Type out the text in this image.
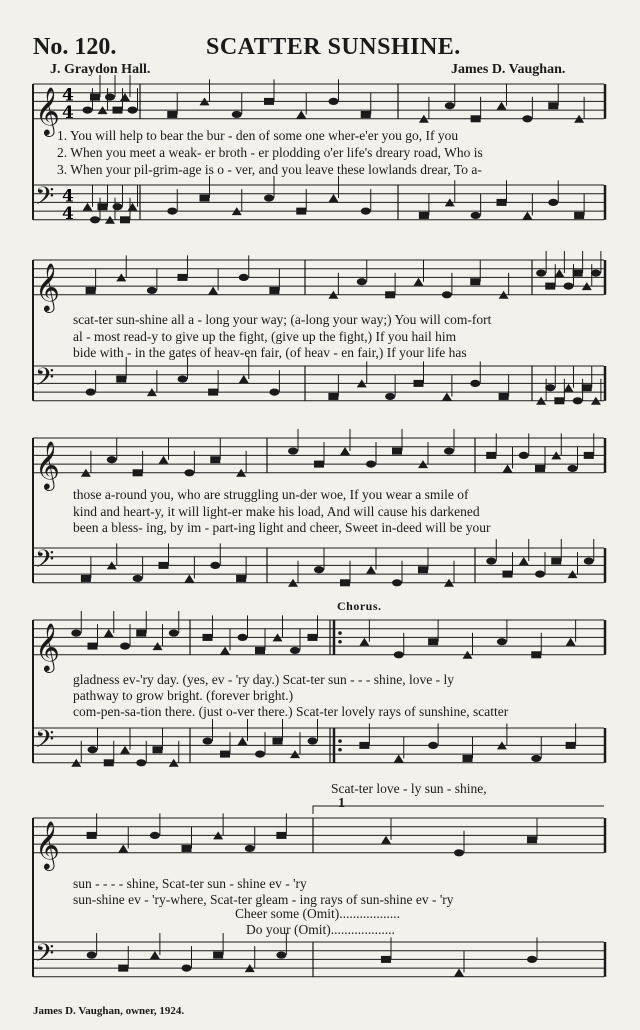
No. 120.	SCATTER SUNSHINE.
J. Graydon Hall.	James D. Vaughan.
𝄞
𝄢
𝄞
𝄢
𝄞
𝄢
𝄞
𝄢
𝄞
𝄢
4
4
4
4
1. You will help to bear the bur - den of some one wher-e'er you go, If you
2. When you meet a weak- er broth - er plodding o'er life's dreary road, Who is
3. When your pil-grim-age is o - ver, and you leave these lowlands drear, To a-
scat-ter sun-shine all a - long your way; (a-long your way;) You will com-fort
al - most read-y to give up the fight, (give up the fight,) If you hail him
bide with - in the gates of heav-en fair, (of heav - en fair,) If your life has
those a-round you, who are struggling un-der woe, If you wear a smile of
kind and heart-y, it will light-er make his load, And will cause his darkened
been a bless- ing, by im - part-ing light and cheer, Sweet in-deed will be your
Chorus.
gladness ev-'ry day. (yes, ev - 'ry day.) Scat-ter sun - - - shine, love - ly
pathway to grow bright. (forever bright.)
com-pen-sa-tion there. (just o-ver there.) Scat-ter lovely rays of sunshine, scatter
Scat-ter love - ly sun - shine,
1
sun - - - - shine, Scat-ter sun - shine ev - 'ry
sun-shine ev - 'ry-where, Scat-ter gleam - ing rays of sun-shine ev - 'ry
Cheer some (Omit)..................
Do your (Omit)...................
James D. Vaughan, owner, 1924.
